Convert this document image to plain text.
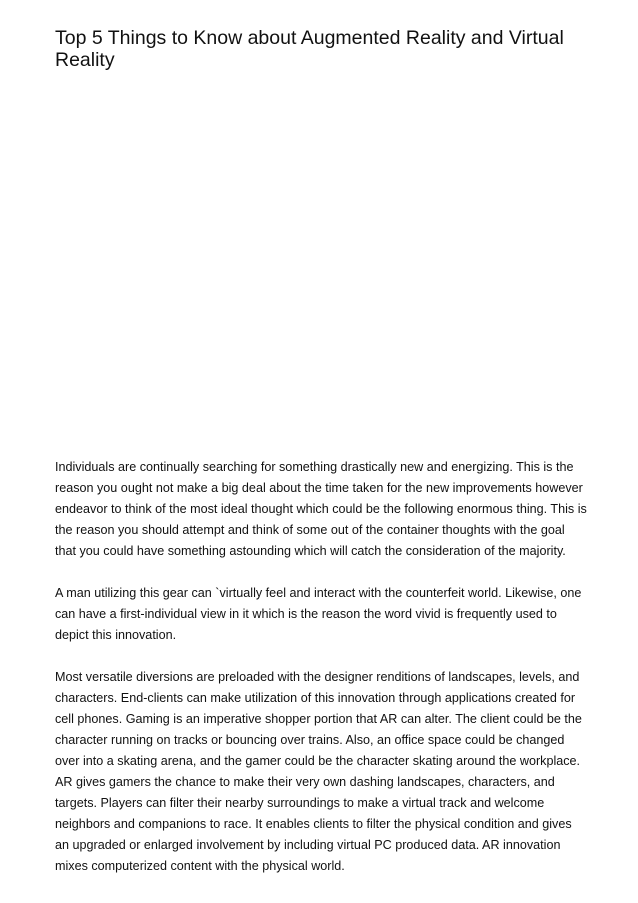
Top 5 Things to Know about Augmented Reality and Virtual Reality

Individuals are continually searching for something drastically new and energizing. This is the reason you ought not make a big deal about the time taken for the new improvements however endeavor to think of the most ideal thought which could be the following enormous thing. This is the reason you should attempt and think of some out of the container thoughts with the goal that you could have something astounding which will catch the consideration of the majority.

A man utilizing this gear can `virtually feel and interact with the counterfeit world. Likewise, one can have a first-individual view in it which is the reason the word vivid is frequently used to depict this innovation.

Most versatile diversions are preloaded with the designer renditions of landscapes, levels, and characters. End-clients can make utilization of this innovation through applications created for cell phones. Gaming is an imperative shopper portion that AR can alter. The client could be the character running on tracks or bouncing over trains. Also, an office space could be changed over into a skating arena, and the gamer could be the character skating around the workplace. AR gives gamers the chance to make their very own dashing landscapes, characters, and targets. Players can filter their nearby surroundings to make a virtual track and welcome neighbors and companions to race. It enables clients to filter the physical condition and gives an upgraded or enlarged involvement by including virtual PC produced data. AR innovation mixes computerized content with the physical world.
